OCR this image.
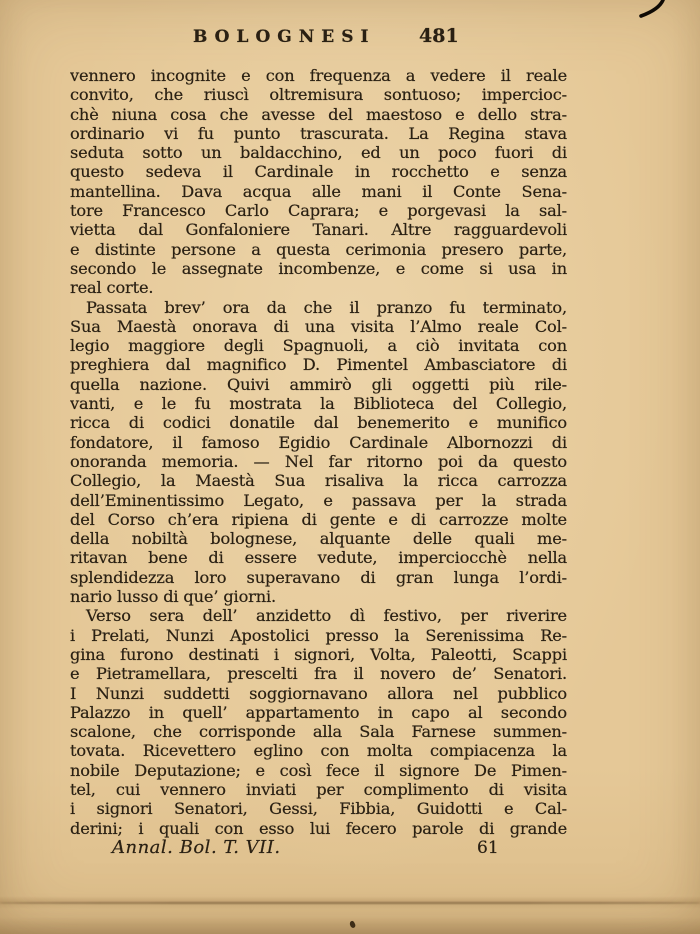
BOLOGNESI 481
vennero incognite e con frequenza a vedere il reale
convito, che riuscì oltremisura sontuoso; impercioc-
chè niuna cosa che avesse del maestoso e dello stra-
ordinario vi fu punto trascurata. La Regina stava
seduta sotto un baldacchino, ed un poco fuori di
questo sedeva il Cardinale in rocchetto e senza
mantellina. Dava acqua alle mani il Conte Sena-
tore Francesco Carlo Caprara; e porgevasi la sal-
vietta dal Gonfaloniere Tanari. Altre ragguardevoli
e distinte persone a questa cerimonia presero parte,
secondo le assegnate incombenze, e come si usa in
real corte.
Passata brev’ ora da che il pranzo fu terminato,
Sua Maestà onorava di una visita l’Almo reale Col-
legio maggiore degli Spagnuoli, a ciò invitata con
preghiera dal magnifico D. Pimentel Ambasciatore di
quella nazione. Quivi ammirò gli oggetti più rile-
vanti, e le fu mostrata la Biblioteca del Collegio,
ricca di codici donatile dal benemerito e munifico
fondatore, il famoso Egidio Cardinale Albornozzi di
onoranda memoria. — Nel far ritorno poi da questo
Collegio, la Maestà Sua risaliva la ricca carrozza
dell’Eminentissimo Legato, e passava per la strada
del Corso ch’era ripiena di gente e di carrozze molte
della nobiltà bolognese, alquante delle quali me-
ritavan bene di essere vedute, imperciocchè nella
splendidezza loro superavano di gran lunga l’ordi-
nario lusso di que’ giorni.
Verso sera dell’ anzidetto dì festivo, per riverire
i Prelati, Nunzi Apostolici presso la Serenissima Re-
gina furono destinati i signori, Volta, Paleotti, Scappi
e Pietramellara, prescelti fra il novero de’ Senatori.
I Nunzi suddetti soggiornavano allora nel pubblico
Palazzo in quell’ appartamento in capo al secondo
scalone, che corrisponde alla Sala Farnese summen-
tovata. Ricevettero eglino con molta compiacenza la
nobile Deputazione; e così fece il signore De Pimen-
tel, cui vennero inviati per complimento di visita
i signori Senatori, Gessi, Fibbia, Guidotti e Cal-
derini; i quali con esso lui fecero parole di grande
Annal. Bol. T. VII.	61
